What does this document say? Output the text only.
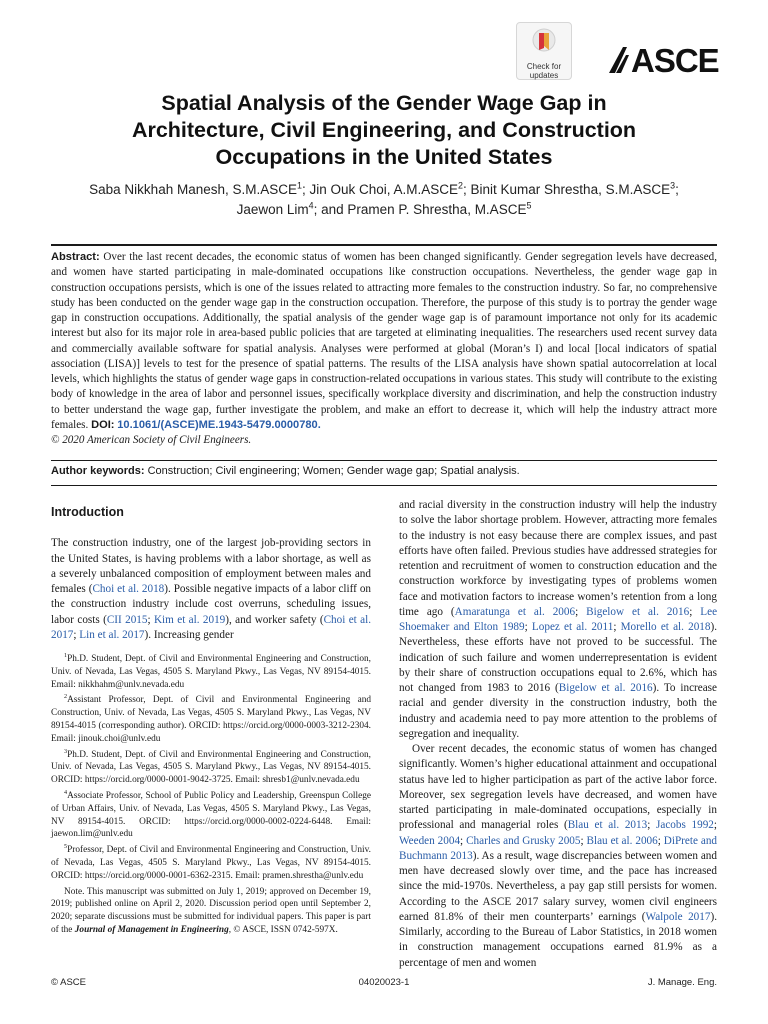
Check for
updates	ASCE
Spatial Analysis of the Gender Wage Gap in
Architecture, Civil Engineering, and Construction
Occupations in the United States
Saba Nikkhah Manesh, S.M.ASCE$^1$; Jin Ouk Choi, A.M.ASCE$^2$; Binit Kumar Shrestha, S.M.ASCE$^3$;
Jaewon Lim$^4$; and Pramen P. Shrestha, M.ASCE$^5$
Abstract: Over the last recent decades, the economic status of women has been changed significantly. Gender segregation levels have decreased, and women have started participating in male-dominated occupations like construction occupations. Nevertheless, the gender wage gap in construction occupations persists, which is one of the issues related to attracting more females to the construction industry. So far, no comprehensive study has been conducted on the gender wage gap in the construction occupation. Therefore, the purpose of this study is to portray the gender wage gap in construction occupations. Additionally, the spatial analysis of the gender wage gap is of paramount importance not only for its academic interest but also for its major role in area-based public policies that are targeted at eliminating inequalities. The researchers used recent survey data and commercially available software for spatial analysis. Analyses were performed at global (Moran’s I) and local [local indicators of spatial association (LISA)] levels to test for the presence of spatial patterns. The results of the LISA analysis have shown spatial autocorrelation at local levels, which highlights the status of gender wage gaps in construction-related occupations in various states. This study will contribute to the existing body of knowledge in the area of labor and personnel issues, specifically workplace diversity and discrimination, and help the construction industry to better understand the wage gap, further investigate the problem, and make an effort to decrease it, which will help the industry attract more females. DOI: 10.1061/(ASCE)ME.1943-5479.0000780.
© 2020 American Society of Civil Engineers.
Author keywords: Construction; Civil engineering; Women; Gender wage gap; Spatial analysis.
Introduction

The construction industry, one of the largest job-providing sectors in the United States, is having problems with a labor shortage, as well as a severely unbalanced composition of employment between males and females (Choi et al. 2018). Possible negative impacts of a labor cliff on the construction industry include cost overruns, scheduling issues, labor costs (CII 2015; Kim et al. 2019), and worker safety (Choi et al. 2017; Lin et al. 2017). Increasing gender

$^1$Ph.D. Student, Dept. of Civil and Environmental Engineering and Construction, Univ. of Nevada, Las Vegas, 4505 S. Maryland Pkwy., Las Vegas, NV 89154-4015. Email: nikkhahm@unlv.nevada.edu

$^2$Assistant Professor, Dept. of Civil and Environmental Engineering and Construction, Univ. of Nevada, Las Vegas, 4505 S. Maryland Pkwy., Las Vegas, NV 89154-4015 (corresponding author). ORCID: https://orcid.org/0000-0003-3212-2304. Email: jinouk.choi@unlv.edu

$^3$Ph.D. Student, Dept. of Civil and Environmental Engineering and Construction, Univ. of Nevada, Las Vegas, 4505 S. Maryland Pkwy., Las Vegas, NV 89154-4015. ORCID: https://orcid.org/0000-0001-9042-3725. Email: shresb1@unlv.nevada.edu

$^4$Associate Professor, School of Public Policy and Leadership, Greenspun College of Urban Affairs, Univ. of Nevada, Las Vegas, 4505 S. Maryland Pkwy., Las Vegas, NV 89154-4015. ORCID: https://orcid.org/0000-0002-0224-6448. Email: jaewon.lim@unlv.edu

$^5$Professor, Dept. of Civil and Environmental Engineering and Construction, Univ. of Nevada, Las Vegas, 4505 S. Maryland Pkwy., Las Vegas, NV 89154-4015. ORCID: https://orcid.org/0000-0001-6362-2315. Email: pramen.shrestha@unlv.edu

Note. This manuscript was submitted on July 1, 2019; approved on December 19, 2019; published online on April 2, 2020. Discussion period open until September 2, 2020; separate discussions must be submitted for individual papers. This paper is part of the Journal of Management in Engineering, © ASCE, ISSN 0742-597X.

and racial diversity in the construction industry will help the industry to solve the labor shortage problem. However, attracting more females to the industry is not easy because there are complex issues, and past efforts have often failed. Previous studies have addressed strategies for retention and recruitment of women to construction education and the construction workforce by investigating types of problems women face and motivation factors to increase women’s retention from a long time ago (Amaratunga et al. 2006; Bigelow et al. 2016; Lee Shoemaker and Elton 1989; Lopez et al. 2011; Morello et al. 2018). Nevertheless, these efforts have not proved to be successful. The indication of such failure and women underrepresentation is evident by their share of construction occupations equal to 2.6%, which has not changed from 1983 to 2016 (Bigelow et al. 2016). To increase racial and gender diversity in the construction industry, both the industry and academia need to pay more attention to the problems of segregation and inequality.

Over recent decades, the economic status of women has changed significantly. Women’s higher educational attainment and occupational status have led to higher participation as part of the active labor force. Moreover, sex segregation levels have decreased, and women have started participating in male-dominated occupations, especially in professional and managerial roles (Blau et al. 2013; Jacobs 1992; Weeden 2004; Charles and Grusky 2005; Blau et al. 2006; DiPrete and Buchmann 2013). As a result, wage discrepancies between women and men have decreased slowly over time, and the pace has increased since the mid-1970s. Nevertheless, a pay gap still persists for women. According to the ASCE 2017 salary survey, women civil engineers earned 81.8% of their men counterparts’ earnings (Walpole 2017). Similarly, according to the Bureau of Labor Statistics, in 2018 women in construction management occupations earned 81.9% as a percentage of men and women

© ASCE	04020023-1	J. Manage. Eng.
